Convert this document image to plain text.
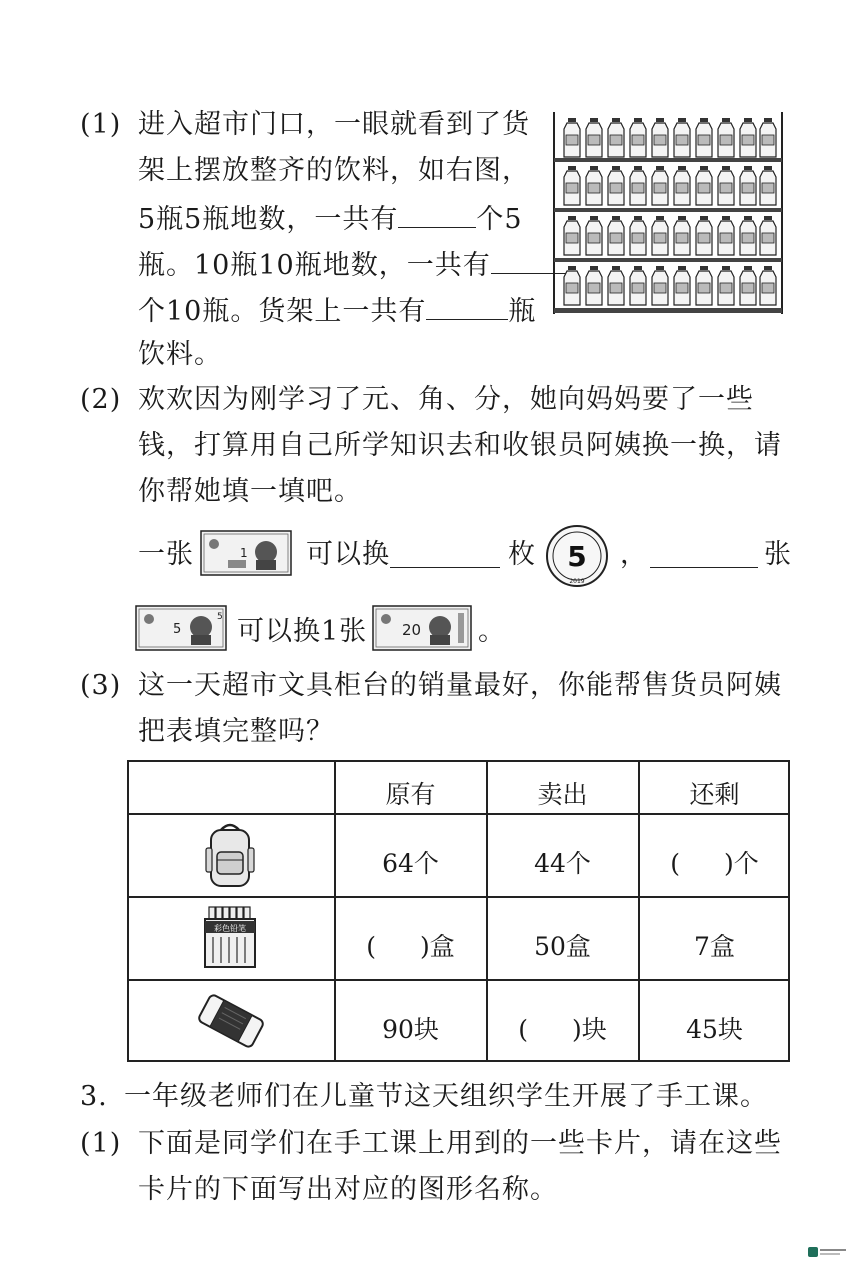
(1) 进入超市门口，一眼就看到了货
架上摆放整齐的饮料，如右图，
5瓶5瓶地数，一共有	个5
瓶。10瓶10瓶地数，一共有
个10瓶。货架上一共有	瓶
饮料。
(2) 欢欢因为刚学习了元、角、分，她向妈妈要了一些
钱，打算用自己所学知识去和收银员阿姨换一换，请
你帮她填一填吧。
一张	1 可以换	枚 5
2019
，	张
5
5 可以换1张 20 。
(3) 这一天超市文具柜台的销量最好，你能帮售货员阿姨
把表填完整吗？
原有	卖出	还剩
64个	44个	( )个
彩色铅笔
( )盒	50盒	7盒
90块	( )块	45块
3. 一年级老师们在儿童节这天组织学生开展了手工课。
(1) 下面是同学们在手工课上用到的一些卡片，请在这些
卡片的下面写出对应的图形名称。
